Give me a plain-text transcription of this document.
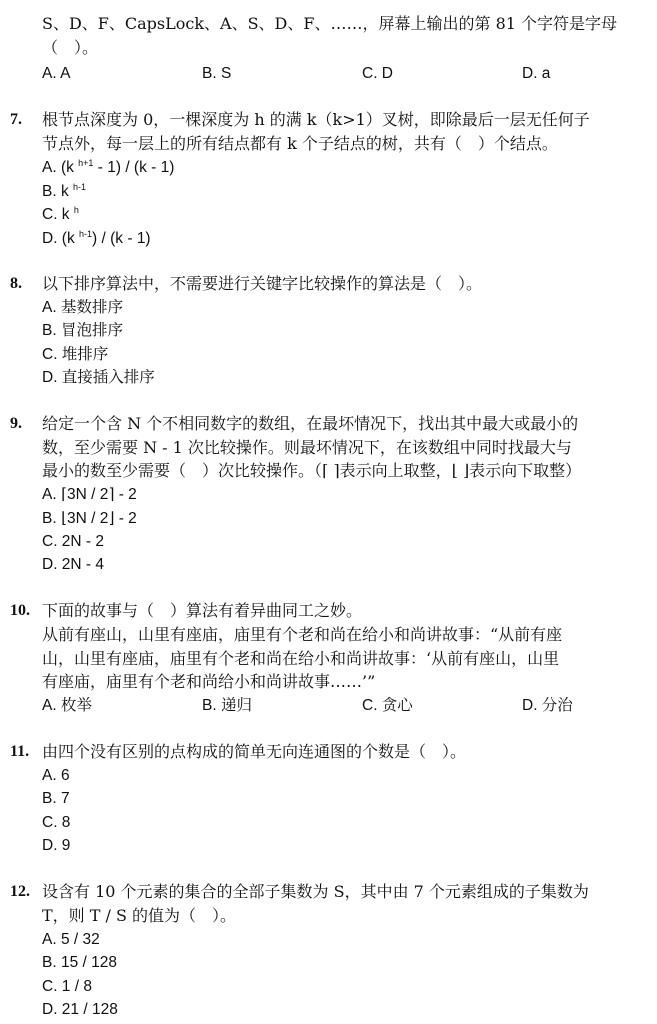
S、D、F、CapsLock、A、S、D、F、……，屏幕上输出的第 81 个字符是字母
（　）。
A. A	B. S	C. D	D. a
7. 根节点深度为 0，一棵深度为 h 的满 k（k>1）叉树，即除最后一层无任何子
节点外，每一层上的所有结点都有 k 个子结点的树，共有（　）个结点。
A. (k $^{h+1}$ - 1) / (k - 1)
B. k $^{h-1}$
C. k $^h$
D. (k $^{h-1}$) / (k - 1)
8. 以下排序算法中，不需要进行关键字比较操作的算法是（　）。
A. 基数排序
B. 冒泡排序
C. 堆排序
D. 直接插入排序
9. 给定一个含 N 个不相同数字的数组，在最坏情况下，找出其中最大或最小的
数，至少需要 N - 1 次比较操作。则最坏情况下，在该数组中同时找最大与
最小的数至少需要（　）次比较操作。（⌈ ⌉表示向上取整，⌊ ⌋表示向下取整）
A. ⌈3N / 2⌉ - 2
B. ⌊3N / 2⌋ - 2
C. 2N - 2
D. 2N - 4
10. 下面的故事与（　）算法有着异曲同工之妙。
从前有座山，山里有座庙，庙里有个老和尚在给小和尚讲故事：“从前有座
山，山里有座庙，庙里有个老和尚在给小和尚讲故事：‘从前有座山，山里
有座庙，庙里有个老和尚给小和尚讲故事……’”
A. 枚举	B. 递归	C. 贪心	D. 分治
11. 由四个没有区别的点构成的简单无向连通图的个数是（　）。
A. 6
B. 7
C. 8
D. 9
12. 设含有 10 个元素的集合的全部子集数为 S，其中由 7 个元素组成的子集数为
T，则 T / S 的值为（　）。
A. 5 / 32
B. 15 / 128
C. 1 / 8
D. 21 / 128
